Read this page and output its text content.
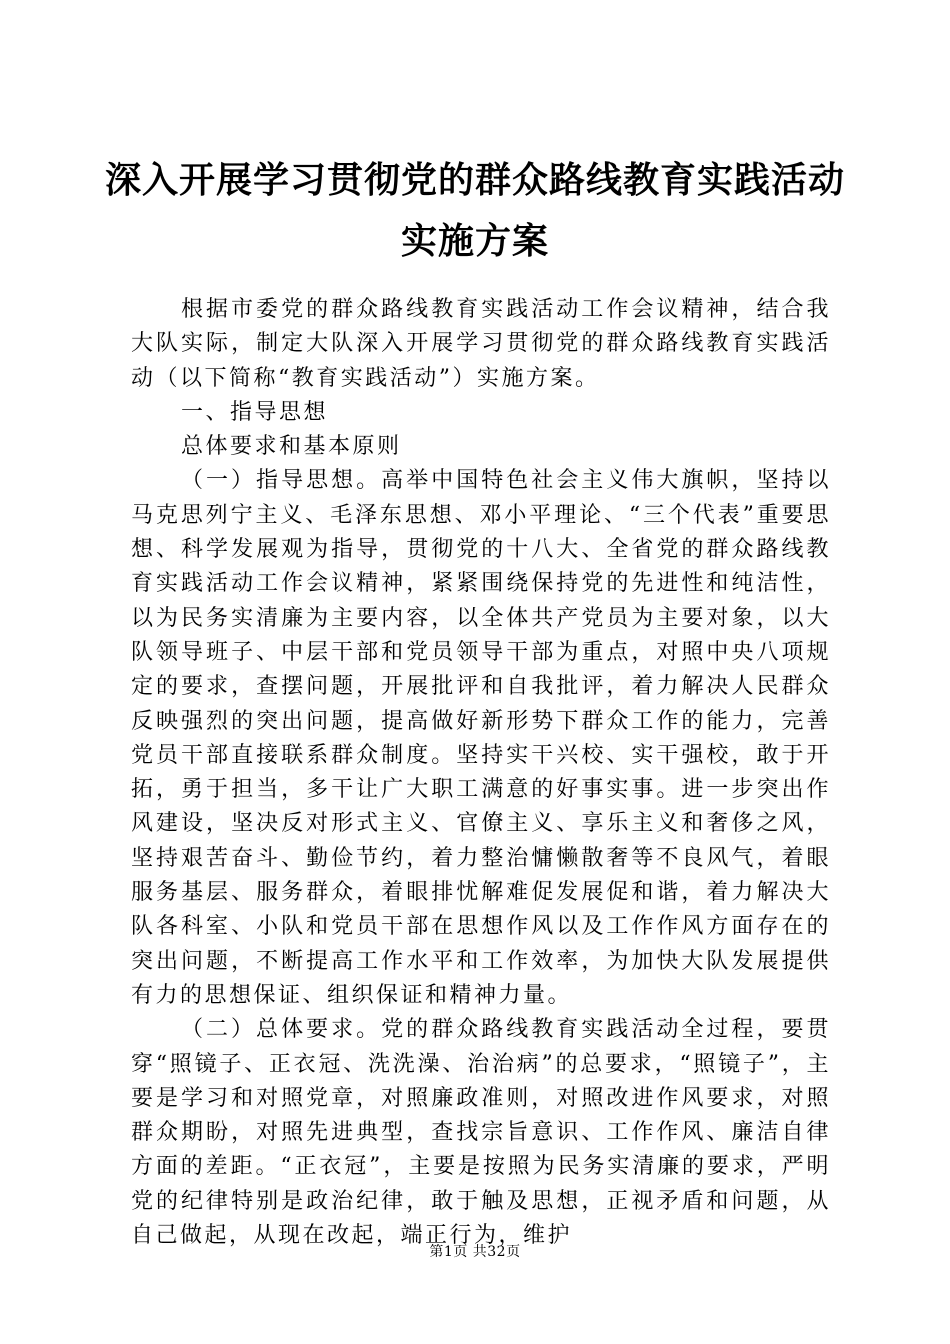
深入开展学习贯彻党的群众路线教育实践活动
实施方案

根据市委党的群众路线教育实践活动工作会议精神，结合我大队实际，制定大队深入开展学习贯彻党的群众路线教育实践活动（以下简称“教育实践活动”）实施方案。

一、指导思想

总体要求和基本原则

（一）指导思想。高举中国特色社会主义伟大旗帜，坚持以马克思列宁主义、毛泽东思想、邓小平理论、“三个代表”重要思想、科学发展观为指导，贯彻党的十八大、全省党的群众路线教育实践活动工作会议精神，紧紧围绕保持党的先进性和纯洁性，以为民务实清廉为主要内容，以全体共产党员为主要对象，以大队领导班子、中层干部和党员领导干部为重点，对照中央八项规定的要求，查摆问题，开展批评和自我批评，着力解决人民群众反映强烈的突出问题，提高做好新形势下群众工作的能力，完善党员干部直接联系群众制度。坚持实干兴校、实干强校，敢于开拓，勇于担当，多干让广大职工满意的好事实事。进一步突出作风建设，坚决反对形式主义、官僚主义、享乐主义和奢侈之风，坚持艰苦奋斗、勤俭节约，着力整治慵懒散奢等不良风气，着眼服务基层、服务群众，着眼排忧解难促发展促和谐，着力解决大队各科室、小队和党员干部在思想作风以及工作作风方面存在的突出问题，不断提高工作水平和工作效率，为加快大队发展提供有力的思想保证、组织保证和精神力量。

（二）总体要求。党的群众路线教育实践活动全过程，要贯穿“照镜子、正衣冠、洗洗澡、治治病”的总要求，“照镜子”，主要是学习和对照党章，对照廉政准则，对照改进作风要求，对照群众期盼，对照先进典型，查找宗旨意识、工作作风、廉洁自律方面的差距。“正衣冠”，主要是按照为民务实清廉的要求，严明党的纪律特别是政治纪律，敢于触及思想，正视矛盾和问题，从自己做起，从现在改起，端正行为，维护

第1页 共32页
